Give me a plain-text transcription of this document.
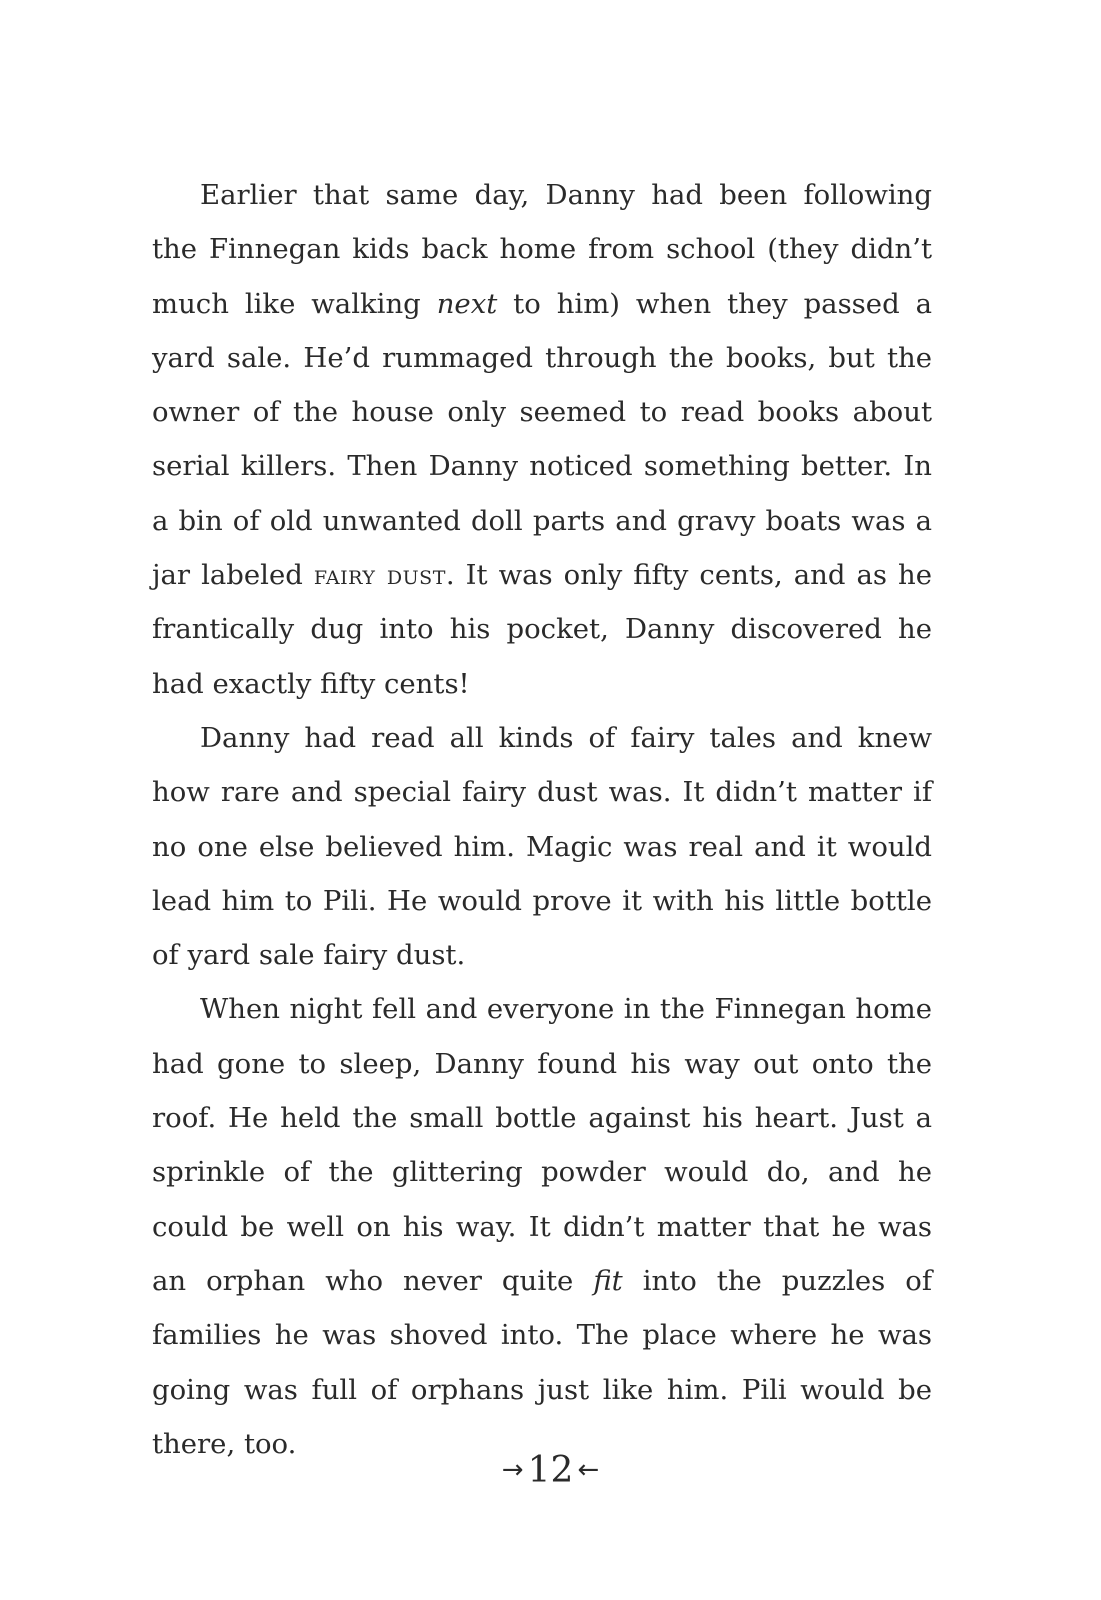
Earlier that same day, Danny had been following the Finnegan kids back home from school (they didn’t much like walking next to him) when they passed a yard sale. He’d rummaged through the books, but the owner of the house only seemed to read books about serial killers. Then Danny noticed something better. In a bin of old unwanted doll parts and gravy boats was a jar labeled fairy dust. It was only fifty cents, and as he frantically dug into his pocket, Danny discovered he had exactly fifty cents!

Danny had read all kinds of fairy tales and knew how rare and special fairy dust was. It didn’t matter if no one else believed him. Magic was real and it would lead him to Pili. He would prove it with his little bottle of yard sale fairy dust.

When night fell and everyone in the Finnegan home had gone to sleep, Danny found his way out onto the roof. He held the small bottle against his heart. Just a sprinkle of the glittering powder would do, and he could be well on his way. It didn’t matter that he was an orphan who never quite fit into the puzzles of families he was shoved into. The place where he was going was full of orphans just like him. Pili would be there, too.

→ 12 ←
